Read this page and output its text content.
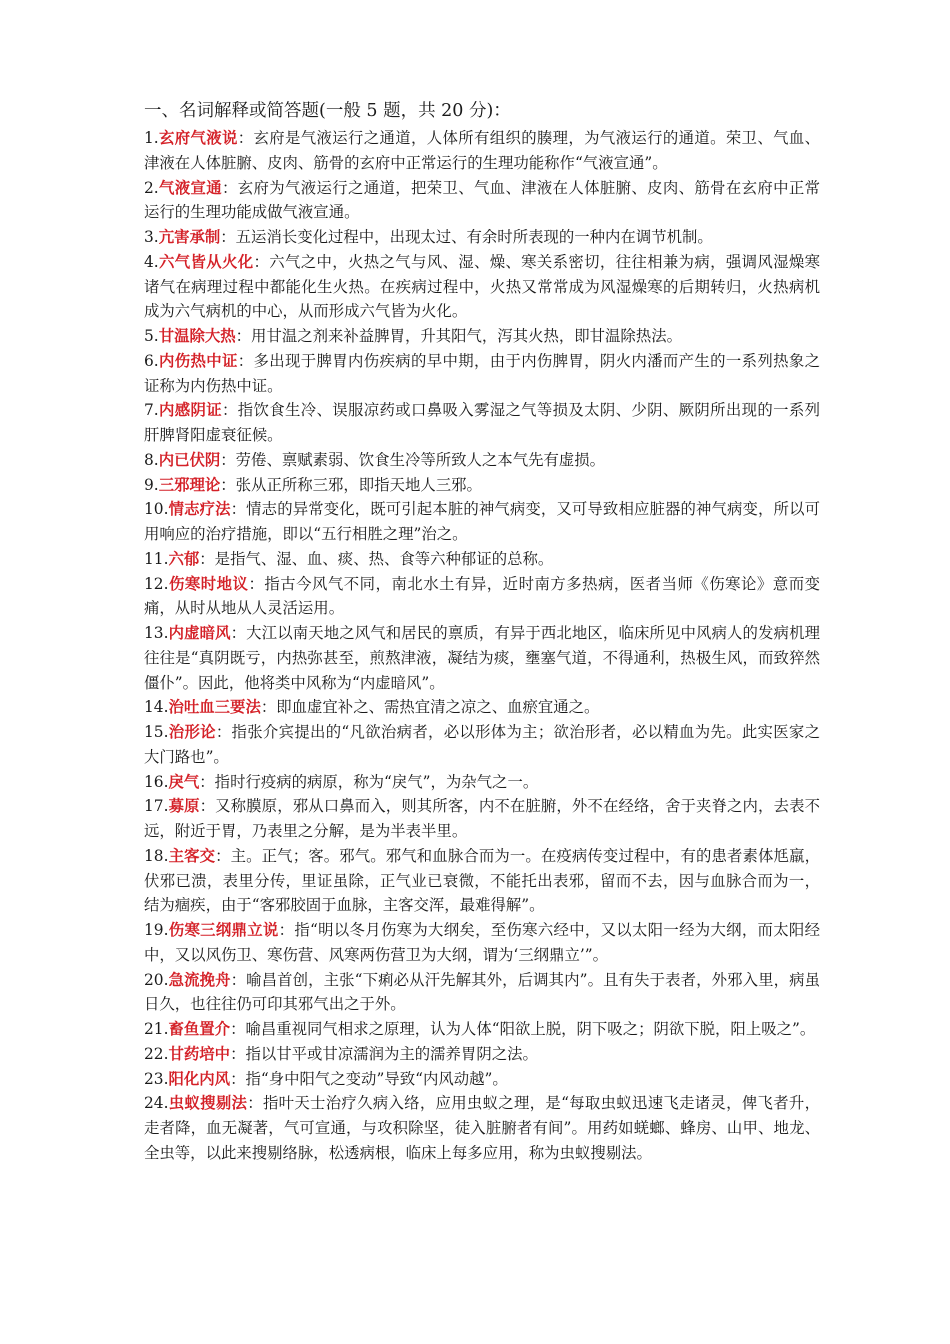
一、名词解释或简答题(一般 5 题，共 20 分)：
1.玄府气液说：玄府是气液运行之通道，人体所有组织的腠理，为气液运行的通道。荣卫、气血、津液在人体脏腑、皮肉、筋骨的玄府中正常运行的生理功能称作“气液宣通”。
2.气液宣通：玄府为气液运行之通道，把荣卫、气血、津液在人体脏腑、皮肉、筋骨在玄府中正常运行的生理功能成做气液宣通。
3.亢害承制：五运消长变化过程中，出现太过、有余时所表现的一种内在调节机制。
4.六气皆从火化：六气之中，火热之气与风、湿、燥、寒关系密切，往往相兼为病，强调风湿燥寒诸气在病理过程中都能化生火热。在疾病过程中，火热又常常成为风湿燥寒的后期转归，火热病机成为六气病机的中心，从而形成六气皆为火化。
5.甘温除大热：用甘温之剂来补益脾胃，升其阳气，泻其火热，即甘温除热法。
6.内伤热中证：多出现于脾胃内伤疾病的早中期，由于内伤脾胃，阴火内潘而产生的一系列热象之证称为内伤热中证。
7.内感阴证：指饮食生冷、误服凉药或口鼻吸入雾湿之气等损及太阴、少阴、厥阴所出现的一系列肝脾肾阳虚衰征候。
8.内已伏阴：劳倦、禀赋素弱、饮食生冷等所致人之本气先有虚损。
9.三邪理论：张从正所称三邪，即指天地人三邪。
10.情志疗法：情志的异常变化，既可引起本脏的神气病变，又可导致相应脏器的神气病变，所以可用响应的治疗措施，即以“五行相胜之理”治之。
11.六郁：是指气、湿、血、痰、热、食等六种郁证的总称。
12.伤寒时地议：指古今风气不同，南北水土有异，近时南方多热病，医者当师《伤寒论》意而变痛，从时从地从人灵活运用。
13.内虚暗风：大江以南天地之风气和居民的禀质，有异于西北地区，临床所见中风病人的发病机理往往是“真阴既亏，内热弥甚至，煎熬津液，凝结为痰，壅塞气道，不得通利，热极生风，而致猝然僵仆”。因此，他将类中风称为“内虚暗风”。
14.治吐血三要法：即血虚宜补之、需热宜清之凉之、血瘀宜通之。
15.治形论：指张介宾提出的“凡欲治病者，必以形体为主；欲治形者，必以精血为先。此实医家之大门路也”。
16.戾气：指时行疫病的病原，称为“戾气”，为杂气之一。
17.募原：又称膜原，邪从口鼻而入，则其所客，内不在脏腑，外不在经络，舍于夹脊之内，去表不远，附近于胃，乃表里之分解，是为半表半里。
18.主客交：主。正气；客。邪气。邪气和血脉合而为一。在疫病传变过程中，有的患者素体尪羸，伏邪已溃，表里分传，里证虽除，正气业已衰微，不能托出表邪，留而不去，因与血脉合而为一，结为痼疾，由于“客邪胶固于血脉，主客交浑，最难得解”。
19.伤寒三纲鼎立说：指“明以冬月伤寒为大纲矣，至伤寒六经中，又以太阳一经为大纲，而太阳经中，又以风伤卫、寒伤营、风寒两伤营卫为大纲，谓为‘三纲鼎立’”。
20.急流挽舟：喻昌首创，主张“下痢必从汗先解其外，后调其内”。且有失于表者，外邪入里，病虽日久，也往往仍可印其邪气出之于外。
21.畜鱼置介：喻昌重视同气相求之原理，认为人体“阳欲上脱，阴下吸之；阴欲下脱，阳上吸之”。
22.甘药培中：指以甘平或甘凉濡润为主的濡养胃阴之法。
23.阳化内风：指“身中阳气之变动”导致“内风动越”。
24.虫蚁搜剔法：指叶天士治疗久病入络，应用虫蚁之理，是“每取虫蚁迅速飞走诸灵，俾飞者升，走者降，血无凝著，气可宣通，与攻积除坚，徒入脏腑者有间”。用药如蜣螂、蜂房、山甲、地龙、全虫等，以此来搜剔络脉，松透病根，临床上每多应用，称为虫蚁搜剔法。
